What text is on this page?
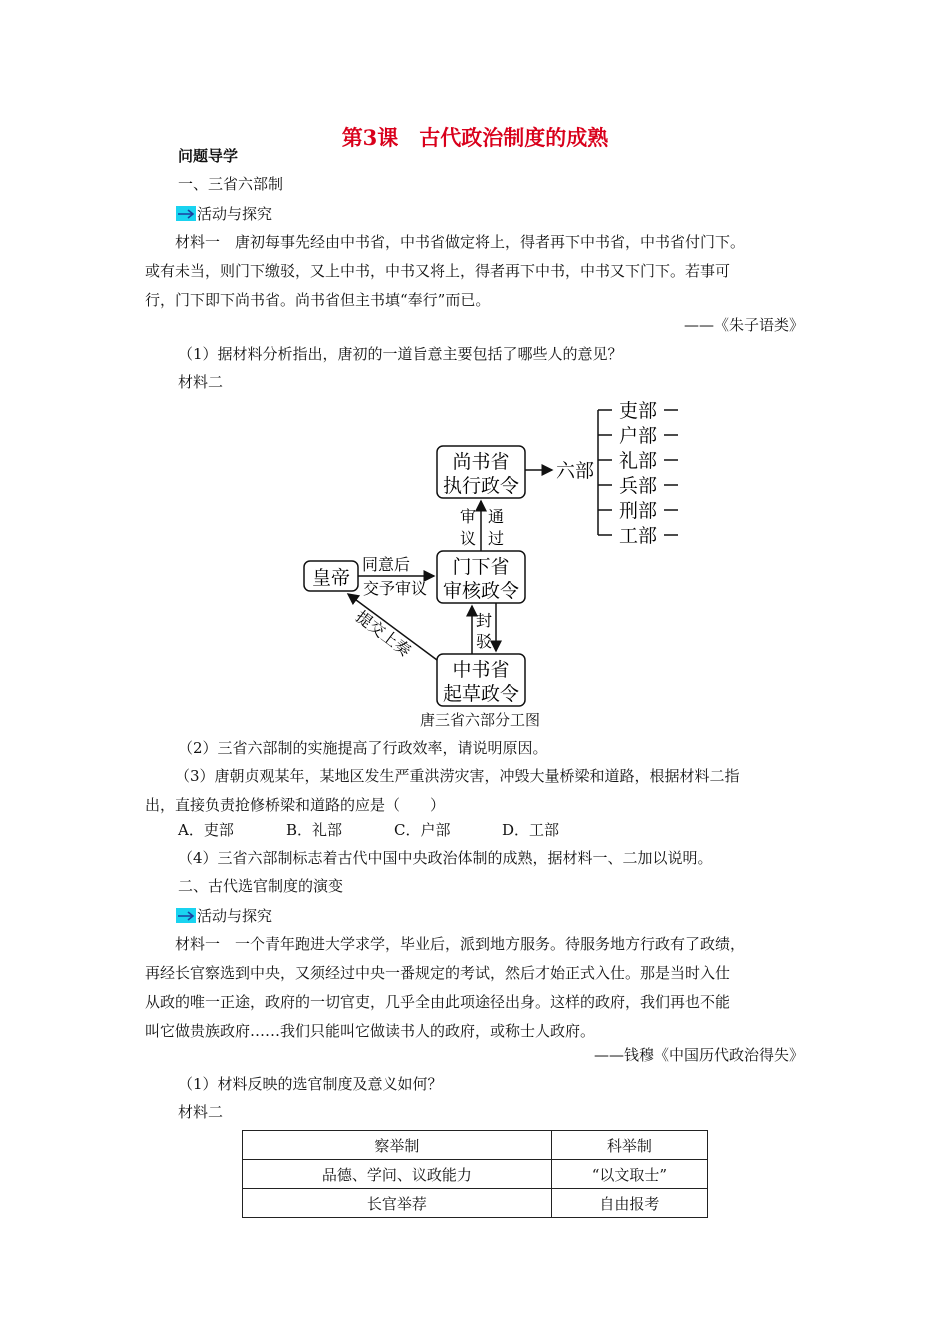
第3课　古代政治制度的成熟
问题导学
一、三省六部制
活动与探究
材料一　唐初每事先经由中书省，中书省做定将上，得者再下中书省，中书省付门下。
或有未当，则门下缴驳，又上中书，中书又将上，得者再下中书，中书又下门下。若事可
行，门下即下尚书省。尚书省但主书填“奉行”而已。
——《朱子语类》
（1）据材料分析指出，唐初的一道旨意主要包括了哪些人的意见？
材料二
尚书省
执行政令
门下省
审核政令
中书省
起草政令
皇帝
六部
吏部
户部
礼部
兵部
刑部
工部
审
议
通
过
同意后
交予审议
封
驳
提交上奏
唐三省六部分工图
（2）三省六部制的实施提高了行政效率，请说明原因。
（3）唐朝贞观某年，某地区发生严重洪涝灾害，冲毁大量桥梁和道路，根据材料二指
出，直接负责抢修桥梁和道路的应是（　　）
A．吏部	B．礼部	C．户部	D．工部
（4）三省六部制标志着古代中国中央政治体制的成熟，据材料一、二加以说明。
二、古代选官制度的演变
活动与探究
材料一　一个青年跑进大学求学，毕业后，派到地方服务。待服务地方行政有了政绩，
再经长官察选到中央，又须经过中央一番规定的考试，然后才始正式入仕。那是当时入仕
从政的唯一正途，政府的一切官吏，几乎全由此项途径出身。这样的政府，我们再也不能
叫它做贵族政府……我们只能叫它做读书人的政府，或称士人政府。
——钱穆《中国历代政治得失》
（1）材料反映的选官制度及意义如何？
材料二
察举制	科举制
品德、学问、议政能力	“以文取士”
长官举荐	自由报考
